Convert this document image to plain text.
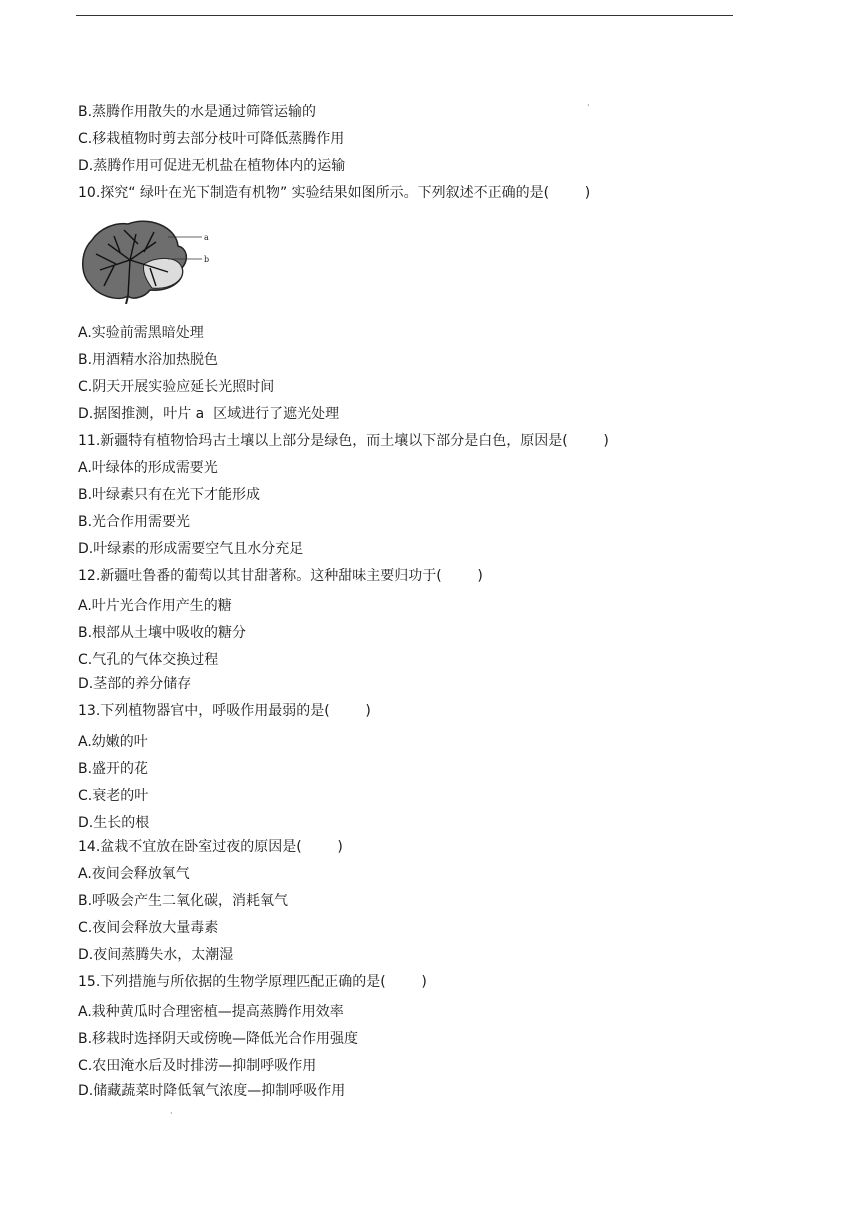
·
B.蒸腾作用散失的水是通过筛管运输的
C.移栽植物时剪去部分枝叶可降低蒸腾作用
D.蒸腾作用可促进无机盐在植物体内的运输
10.探究“ 绿叶在光下制造有机物” 实验结果如图所示。下列叙述不正确的是(        )
a
b
A.实验前需黑暗处理
B.用酒精水浴加热脱色
C.阴天开展实验应延长光照时间
D.据图推测，叶片 a  区域进行了遮光处理
11.新疆特有植物恰玛古土壤以上部分是绿色，而土壤以下部分是白色，原因是(        )
A.叶绿体的形成需要光
B.叶绿素只有在光下才能形成
B.光合作用需要光
D.叶绿素的形成需要空气且水分充足
12.新疆吐鲁番的葡萄以其甘甜著称。这种甜味主要归功于(        )
A.叶片光合作用产生的糖
B.根部从土壤中吸收的糖分
C.气孔的气体交换过程
D.茎部的养分储存
13.下列植物器官中，呼吸作用最弱的是(        )
A.幼嫩的叶
B.盛开的花
C.衰老的叶
D.生长的根
14.盆栽不宜放在卧室过夜的原因是(        )
A.夜间会释放氧气
B.呼吸会产生二氧化碳，消耗氧气
C.夜间会释放大量毒素
D.夜间蒸腾失水，太潮湿
15.下列措施与所依据的生物学原理匹配正确的是(        )
A.栽种黄瓜时合理密植—提高蒸腾作用效率
B.移栽时选择阴天或傍晚—降低光合作用强度
C.农田淹水后及时排涝—抑制呼吸作用
D.储藏蔬菜时降低氧气浓度—抑制呼吸作用
·
